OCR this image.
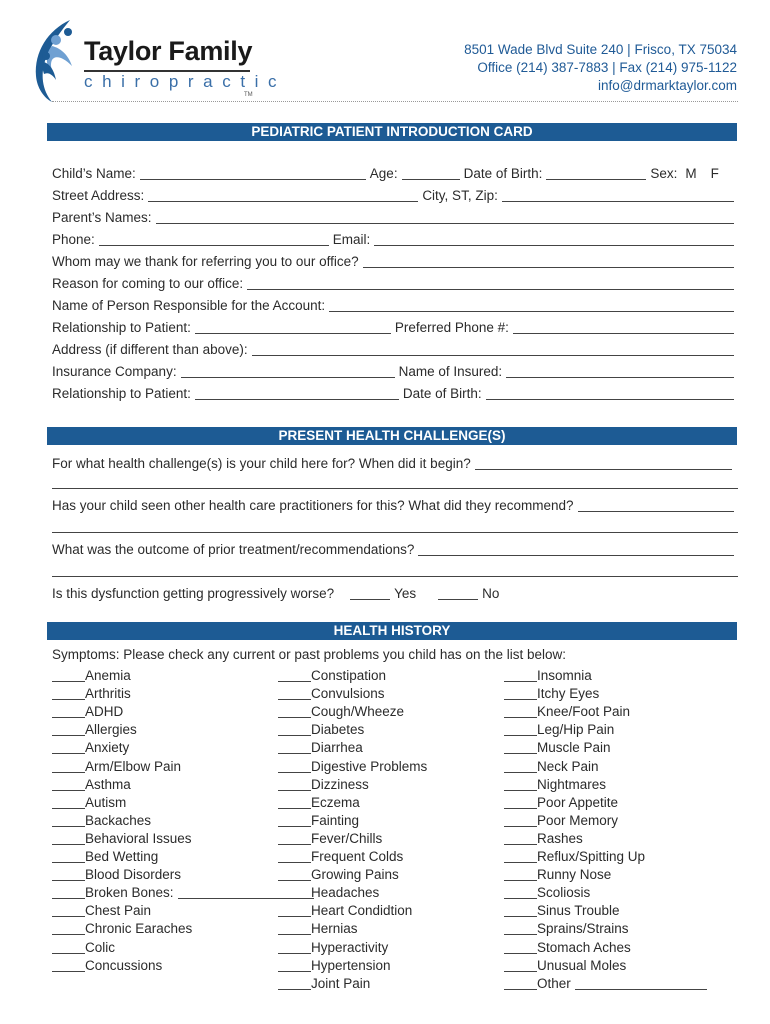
Taylor Family
chiropractic
TM
8501 Wade Blvd Suite 240 | Frisco, TX 75034
Office (214) 387-7883 | Fax (214) 975-1122
info@drmarktaylor.com
PEDIATRIC PATIENT INTRODUCTION CARD
Child’s Name:	Age:	Date of Birth:	Sex: M F
Street Address:	City, ST, Zip:
Parent’s Names:
Phone:	Email:
Whom may we thank for referring you to our office?
Reason for coming to our office:
Name of Person Responsible for the Account:
Relationship to Patient:	Preferred Phone #:
Address (if different than above):
Insurance Company:	Name of Insured:
Relationship to Patient:	Date of Birth:
PRESENT HEALTH CHALLENGE(S)
For what health challenge(s) is your child here for? When did it begin?
Has your child seen other health care practitioners for this? What did they recommend?
What was the outcome of prior treatment/recommendations?
Is this dysfunction getting progressively worse?	Yes	No
HEALTH HISTORY
Symptoms: Please check any current or past problems you child has on the list below:
Anemia
Arthritis
ADHD
Allergies
Anxiety
Arm/Elbow Pain
Asthma
Autism
Backaches
Behavioral Issues
Bed Wetting
Blood Disorders
Broken Bones:
Chest Pain
Chronic Earaches
Colic
Concussions
Constipation
Convulsions
Cough/Wheeze
Diabetes
Diarrhea
Digestive Problems
Dizziness
Eczema
Fainting
Fever/Chills
Frequent Colds
Growing Pains
Headaches
Heart Condidtion
Hernias
Hyperactivity
Hypertension
Joint Pain
Insomnia
Itchy Eyes
Knee/Foot Pain
Leg/Hip Pain
Muscle Pain
Neck Pain
Nightmares
Poor Appetite
Poor Memory
Rashes
Reflux/Spitting Up
Runny Nose
Scoliosis
Sinus Trouble
Sprains/Strains
Stomach Aches
Unusual Moles
Other
